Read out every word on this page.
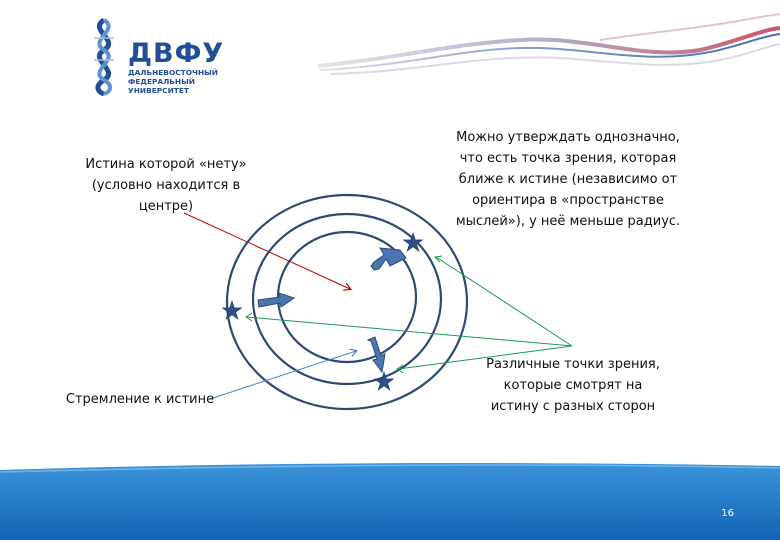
ДВФУ
ДАЛЬНЕВОСТОЧНЫЙ
ФЕДЕРАЛЬНЫЙ
УНИВЕРСИТЕТ
Истина которой «нету»
(условно находится в
центре)
Можно утверждать однозначно,
что есть точка зрения, которая
ближе к истине (независимо от
ориентира в «пространстве
мыслей»), у неё меньше радиус.
Различные точки зрения,
которые смотрят на
истину с разных сторон
Стремление к истине
16
